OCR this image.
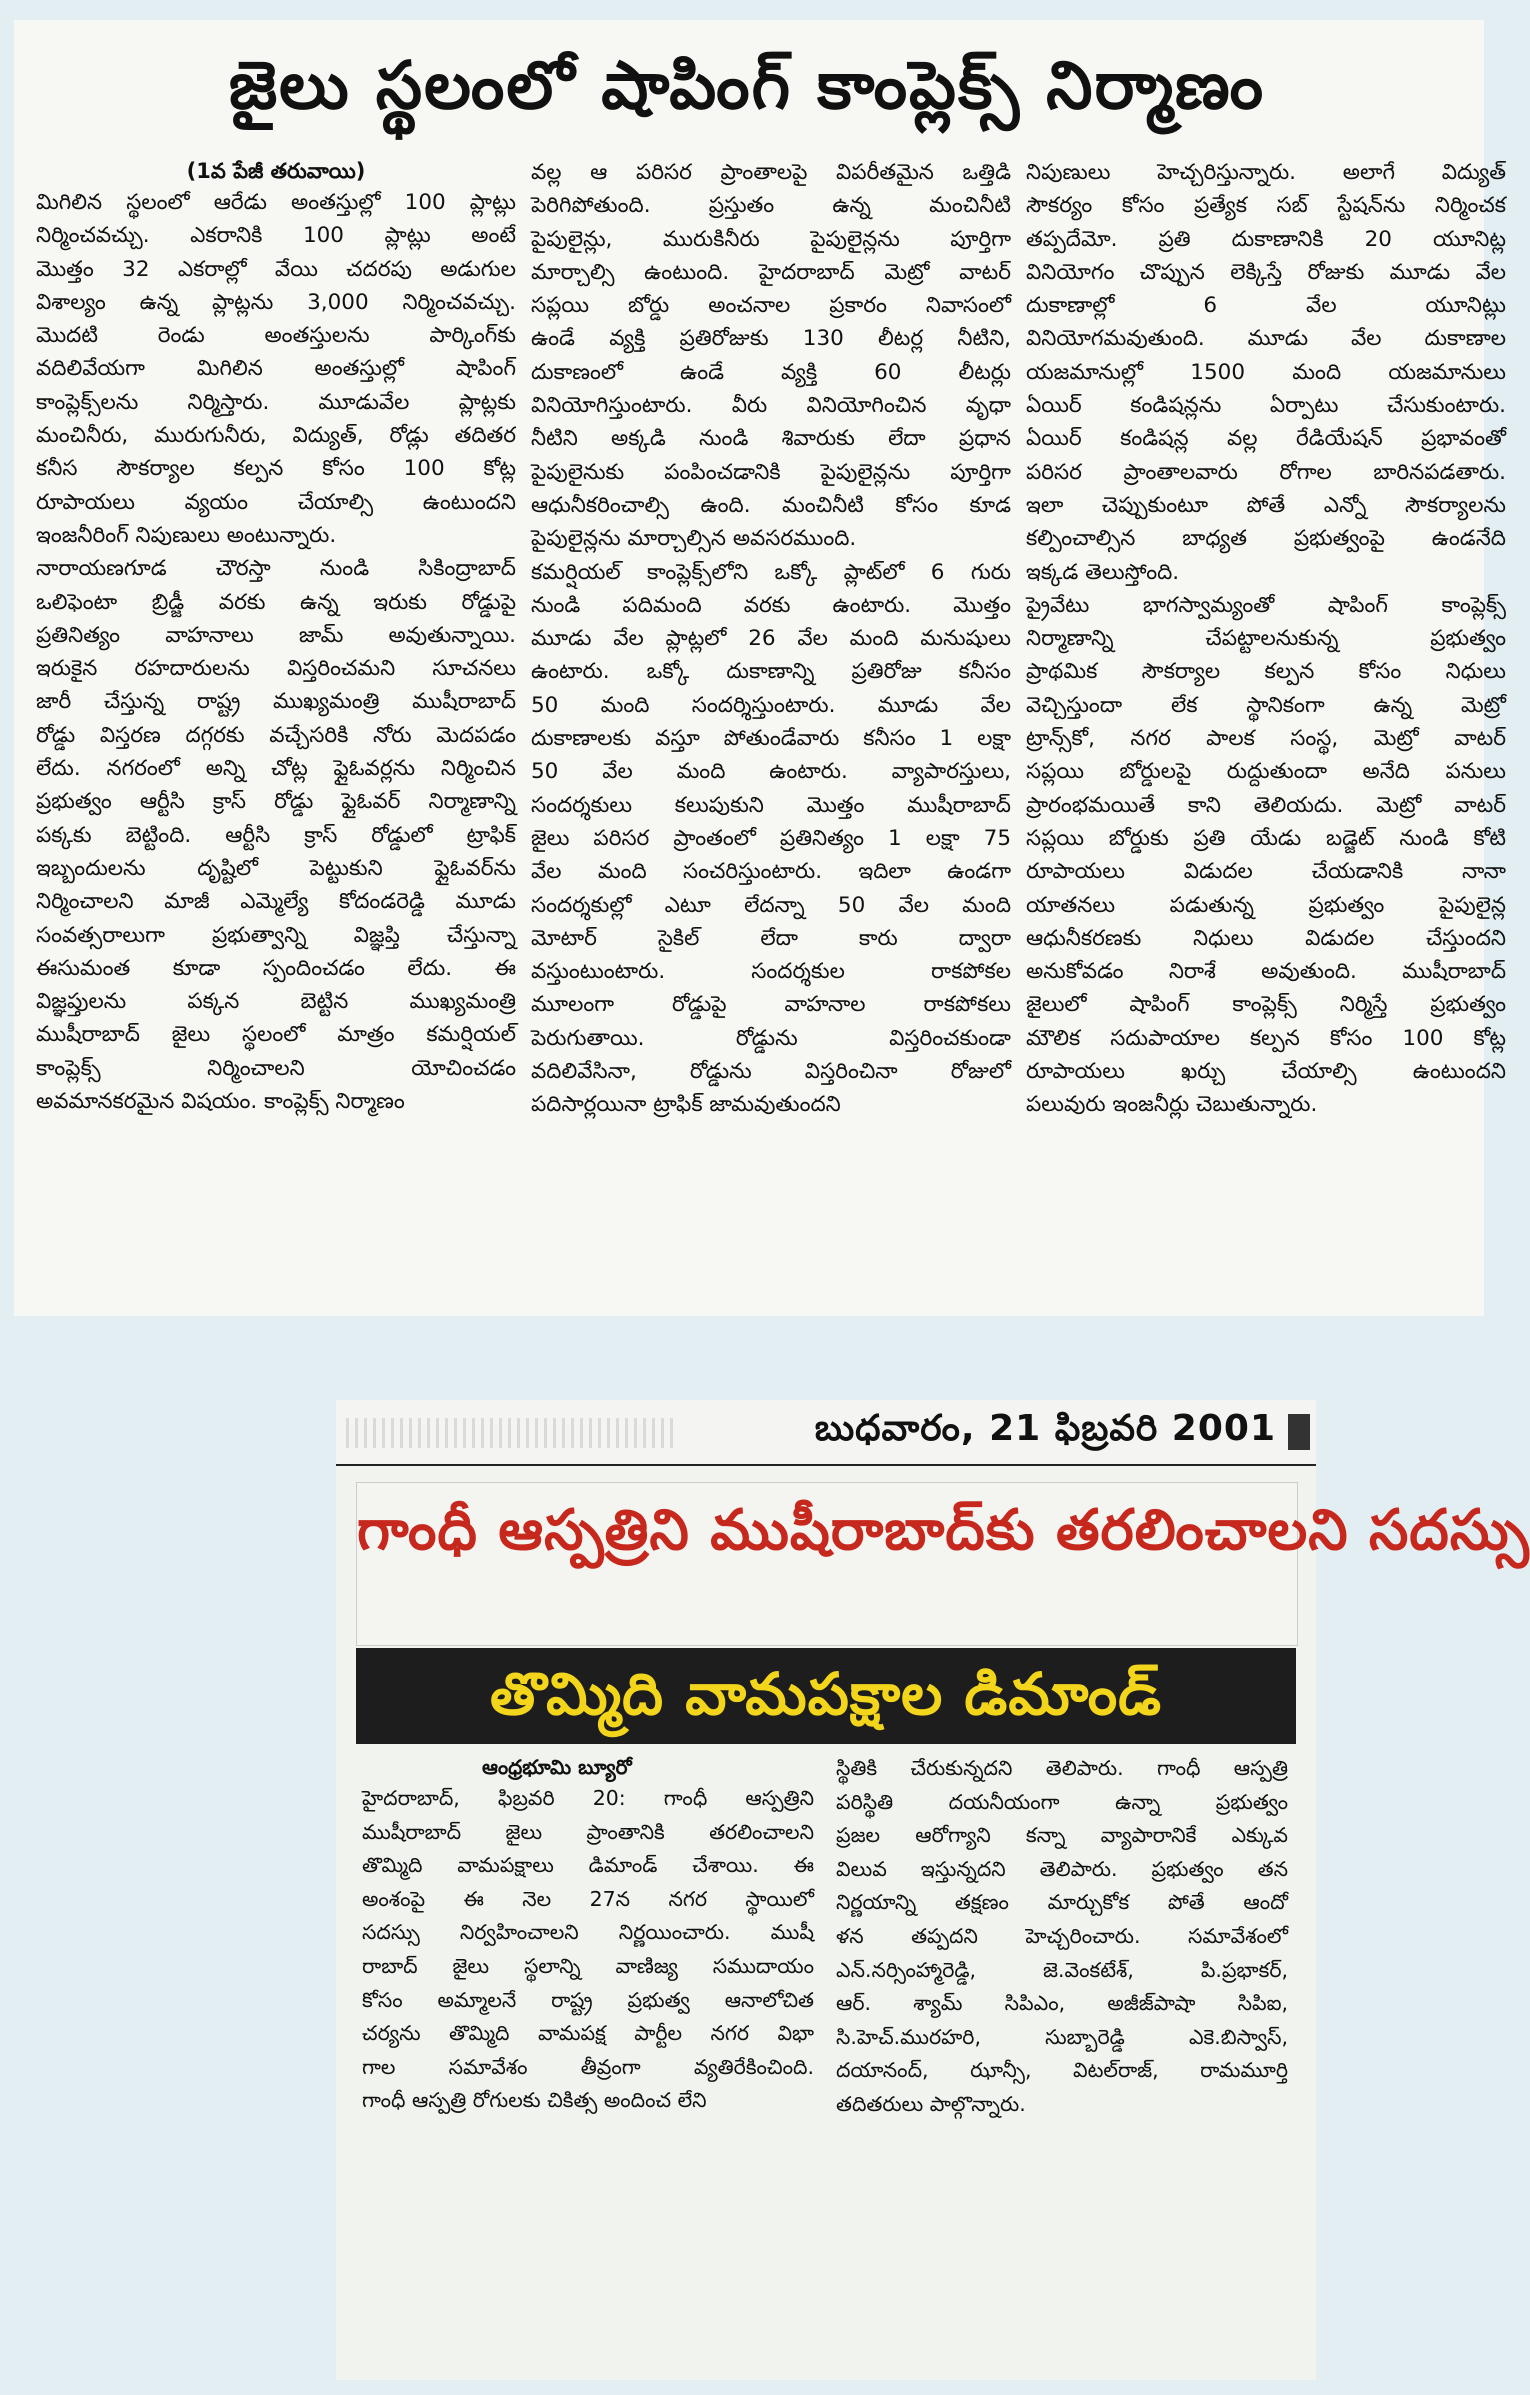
జైలు స్థలంలో షాపింగ్ కాంప్లెక్స్ నిర్మాణం
(1వ పేజీ తరువాయి)

మిగిలిన స్థలంలో ఆరేడు అంతస్తుల్లో 100 ప్లాట్లు

నిర్మించవచ్చు. ఎకరానికి 100 ప్లాట్లు అంటే

మొత్తం 32 ఎకరాల్లో వేయి చదరపు అడుగుల

విశాల్యం ఉన్న ప్లాట్లను 3,000 నిర్మించవచ్చు.

మొదటి రెండు అంతస్తులను పార్కింగ్‌కు

వదిలివేయగా మిగిలిన అంతస్తుల్లో షాపింగ్

కాంప్లెక్స్‌లను నిర్మిస్తారు. మూడువేల ప్లాట్లకు

మంచినీరు, మురుగునీరు, విద్యుత్, రోడ్లు తదితర

కనీస సౌకర్యాల కల్పన కోసం 100 కోట్ల

రూపాయలు వ్యయం చేయాల్సి ఉంటుందని

ఇంజనీరింగ్ నిపుణులు అంటున్నారు.

నారాయణగూడ చౌరస్తా నుండి సికింద్రాబాద్

ఒలిఫెంటా బ్రిడ్జీ వరకు ఉన్న ఇరుకు రోడ్డుపై

ప్రతినిత్యం వాహనాలు జామ్ అవుతున్నాయి.

ఇరుకైన రహదారులను విస్తరించమని సూచనలు

జారీ చేస్తున్న రాష్ట్ర ముఖ్యమంత్రి ముషీరాబాద్

రోడ్డు విస్తరణ దగ్గరకు వచ్చేసరికి నోరు మెదపడం

లేదు. నగరంలో అన్ని చోట్ల ఫ్లైఓవర్లను నిర్మించిన

ప్రభుత్వం ఆర్టీసి క్రాస్ రోడ్డు ఫ్లైఓవర్ నిర్మాణాన్ని

పక్కకు బెట్టింది. ఆర్టీసి క్రాస్ రోడ్డులో ట్రాఫిక్

ఇబ్బందులను దృష్టిలో పెట్టుకుని ఫ్లైఓవర్‌ను

నిర్మించాలని మాజీ ఎమ్మెల్యే కోదండరెడ్డి మూడు

సంవత్సరాలుగా ప్రభుత్వాన్ని విజ్ఞప్తి చేస్తున్నా

ఈసుమంత కూడా స్పందించడం లేదు. ఈ

విజ్ఞప్తులను పక్కన బెట్టిన ముఖ్యమంత్రి

ముషీరాబాద్ జైలు స్థలంలో మాత్రం కమర్షియల్

కాంప్లెక్స్ నిర్మించాలని యోచించడం

అవమానకరమైన విషయం. కాంప్లెక్స్ నిర్మాణం

వల్ల ఆ పరిసర ప్రాంతాలపై విపరీతమైన ఒత్తిడి

పెరిగిపోతుంది. ప్రస్తుతం ఉన్న మంచినీటి

పైపులైన్లు, మురుకినీరు పైపులైన్లను పూర్తిగా

మార్చాల్సి ఉంటుంది. హైదరాబాద్ మెట్రో వాటర్

సప్లయి బోర్డు అంచనాల ప్రకారం నివాసంలో

ఉండే వ్యక్తి ప్రతిరోజుకు 130 లీటర్ల నీటిని,

దుకాణంలో ఉండే వ్యక్తి 60 లీటర్లు

వినియోగిస్తుంటారు. వీరు వినియోగించిన వృధా

నీటిని అక్కడి నుండి శివారుకు లేదా ప్రధాన

పైపులైనుకు పంపించడానికి పైపులైన్లను పూర్తిగా

ఆధునీకరించాల్సి ఉంది. మంచినీటి కోసం కూడ

పైపులైన్లను మార్చాల్సిన అవసరముంది.

కమర్షియల్ కాంప్లెక్స్‌లోని ఒక్కో ప్లాట్‌లో 6 గురు

నుండి పదిమంది వరకు ఉంటారు. మొత్తం

మూడు వేల ప్లాట్లలో 26 వేల మంది మనుషులు

ఉంటారు. ఒక్కో దుకాణాన్ని ప్రతిరోజు కనీసం

50 మంది సందర్శిస్తుంటారు. మూడు వేల

దుకాణాలకు వస్తూ పోతుండేవారు కనీసం 1 లక్షా

50 వేల మంది ఉంటారు. వ్యాపారస్తులు,

సందర్శకులు కలుపుకుని మొత్తం ముషీరాబాద్

జైలు పరిసర ప్రాంతంలో ప్రతినిత్యం 1 లక్షా 75

వేల మంది సంచరిస్తుంటారు. ఇదిలా ఉండగా

సందర్శకుల్లో ఎటూ లేదన్నా 50 వేల మంది

మోటార్ సైకిల్ లేదా కారు ద్వారా

వస్తుంటుంటారు. సందర్శకుల రాకపోకల

మూలంగా రోడ్డుపై వాహనాల రాకపోకలు

పెరుగుతాయి. రోడ్డును విస్తరించకుండా

వదిలివేసినా, రోడ్డును విస్తరించినా రోజులో

పదిసార్లయినా ట్రాఫిక్ జామవుతుందని

నిపుణులు హెచ్చరిస్తున్నారు. అలాగే విద్యుత్

సౌకర్యం కోసం ప్రత్యేక సబ్ స్టేషన్‌ను నిర్మించక

తప్పదేమో. ప్రతి దుకాణానికి 20 యూనిట్ల

వినియోగం చొప్పున లెక్కిస్తే రోజుకు మూడు వేల

దుకాణాల్లో 6 వేల యూనిట్లు

వినియోగమవుతుంది. మూడు వేల దుకాణాల

యజమానుల్లో 1500 మంది యజమానులు

ఏయిర్ కండిషన్లను ఏర్పాటు చేసుకుంటారు.

ఏయిర్ కండిషన్ల వల్ల రేడియేషన్ ప్రభావంతో

పరిసర ప్రాంతాలవారు రోగాల బారినపడతారు.

ఇలా చెప్పుకుంటూ పోతే ఎన్నో సౌకర్యాలను

కల్పించాల్సిన బాధ్యత ప్రభుత్వంపై ఉండనేది

ఇక్కడ తెలుస్తోంది.

ప్రైవేటు భాగస్వామ్యంతో షాపింగ్ కాంప్లెక్స్

నిర్మాణాన్ని చేపట్టాలనుకున్న ప్రభుత్వం

ప్రాథమిక సౌకర్యాల కల్పన కోసం నిధులు

వెచ్చిస్తుందా లేక స్థానికంగా ఉన్న మెట్రో

ట్రాన్స్‌కో, నగర పాలక సంస్థ, మెట్రో వాటర్

సప్లయి బోర్డులపై రుద్దుతుందా అనేది పనులు

ప్రారంభమయితే కాని తెలియదు. మెట్రో వాటర్

సప్లయి బోర్డుకు ప్రతి యేడు బడ్జెట్ నుండి కోటి

రూపాయలు విడుదల చేయడానికి నానా

యాతనలు పడుతున్న ప్రభుత్వం పైపులైన్ల

ఆధునీకరణకు నిధులు విడుదల చేస్తుందని

అనుకోవడం నిరాశే అవుతుంది. ముషీరాబాద్

జైలులో షాపింగ్ కాంప్లెక్స్ నిర్మిస్తే ప్రభుత్వం

మౌలిక సదుపాయాల కల్పన కోసం 100 కోట్ల

రూపాయలు ఖర్చు చేయాల్సి ఉంటుందని

పలువురు ఇంజనీర్లు చెబుతున్నారు.

బుధవారం, 21 ఫిబ్రవరి 2001
గాంధీ ఆస్పత్రిని ముషీరాబాద్‌కు తరలించాలని సదస్సు
తొమ్మిది వామపక్షాల డిమాండ్
ఆంధ్రభూమి బ్యూరో

హైదరాబాద్, ఫిబ్రవరి 20: గాంధీ ఆస్పత్రిని

ముషీరాబాద్ జైలు ప్రాంతానికి తరలించాలని

తొమ్మిది వామపక్షాలు డిమాండ్ చేశాయి. ఈ

అంశంపై ఈ నెల 27న నగర స్థాయిలో

సదస్సు నిర్వహించాలని నిర్ణయించారు. ముషీ

రాబాద్ జైలు స్థలాన్ని వాణిజ్య సముదాయం

కోసం అమ్మాలనే రాష్ట్ర ప్రభుత్వ ఆనాలోచిత

చర్యను తొమ్మిది వామపక్ష పార్టీల నగర విభా

గాల సమావేశం తీవ్రంగా వ్యతిరేకించింది.

గాంధీ ఆస్పత్రి రోగులకు చికిత్స అందించ లేని

స్థితికి చేరుకున్నదని తెలిపారు. గాంధీ ఆస్పత్రి

పరిస్థితి దయనీయంగా ఉన్నా ప్రభుత్వం

ప్రజల ఆరోగ్యాని కన్నా వ్యాపారానికే ఎక్కువ

విలువ ఇస్తున్నదని తెలిపారు. ప్రభుత్వం తన

నిర్ణయాన్ని తక్షణం మార్చుకోక పోతే ఆందో

ళన తప్పదని హెచ్చరించారు. సమావేశంలో

ఎన్.నర్సింహ్మారెడ్డి, జె.వెంకటేశ్, పి.ప్రభాకర్,

ఆర్. శ్యామ్ సిపిఎం, అజీజ్‌పాషా సిపిఐ,

సి.హెచ్.మురహరి, సుబ్బారెడ్డి ఎకె.బిస్వాస్,

దయానంద్, ఝాన్సీ, విటల్‌రాజ్, రామమూర్తి

తదితరులు పాల్గొన్నారు.
